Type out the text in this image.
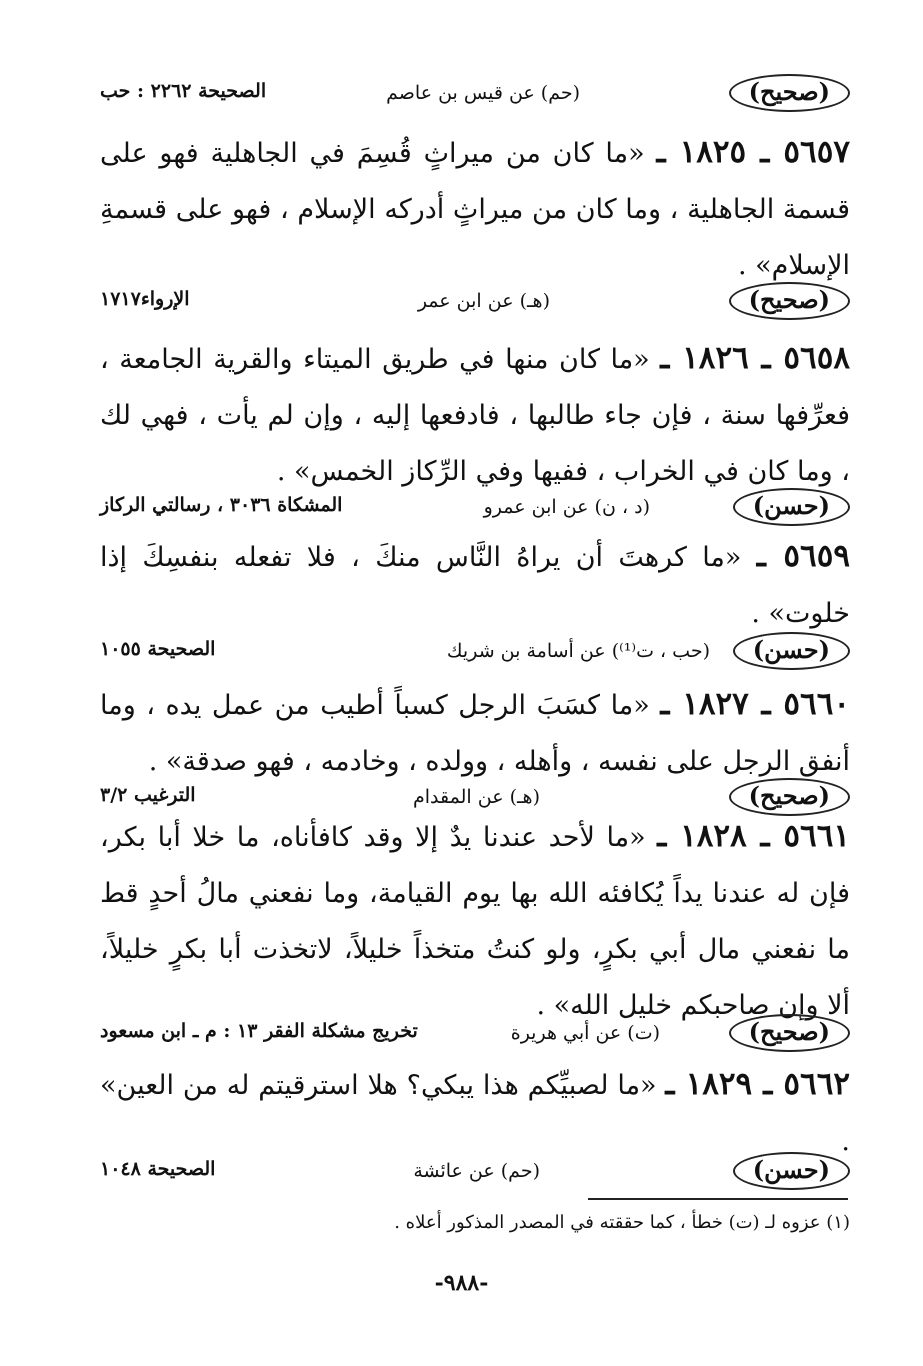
(صحيح)
(حم) عن قيس بن عاصم
الصحيحة ٢٢٦٢ : حب
٥٦٥٧ ـ ١٨٢٥ ـ «ما كان من ميراثٍ قُسِمَ في الجاهلية فهو على قسمة الجاهلية ، وما كان من ميراثٍ أدركه الإسلام ، فهو على قسمةِ الإسلام» .
(صحيح)
(هـ) عن ابن عمر
الإرواء١٧١٧
٥٦٥٨ ـ ١٨٢٦ ـ «ما كان منها في طريق الميتاء والقرية الجامعة ، فعرِّفها سنة ، فإن جاء طالبها ، فادفعها إليه ، وإن لم يأت ، فهي لك ، وما كان في الخراب ، ففيها وفي الرِّكاز الخمس» .
(حسن)
(د ، ن) عن ابن عمرو
المشكاة ٣٠٣٦ ، رسالتي الركاز
٥٦٥٩ ـ «ما كرهتَ أن يراهُ النَّاس منكَ ، فلا تفعله بنفسِكَ إذا خلوت» .
(حسن)
(حب ، ت⁽¹⁾) عن أسامة بن شريك
الصحيحة ١٠٥٥
٥٦٦٠ ـ ١٨٢٧ ـ «ما كسَبَ الرجل كسباً أطيب من عمل يده ، وما أنفق الرجل على نفسه ، وأهله ، وولده ، وخادمه ، فهو صدقة» .
(صحيح)
(هـ) عن المقدام
الترغيب ٣/٢
٥٦٦١ ـ ١٨٢٨ ـ «ما لأحد عندنا يدٌ إلا وقد كافأناه، ما خلا أبا بكر، فإن له عندنا يداً يُكافئه الله بها يوم القيامة، وما نفعني مالُ أحدٍ قط ما نفعني مال أبي بكرٍ، ولو كنتُ متخذاً خليلاً، لاتخذت أبا بكرٍ خليلاً، ألا وإن صاحبكم خليل الله» .
(صحيح)
(ت) عن أبي هريرة
تخريج مشكلة الفقر ١٣ : م ـ ابن مسعود
٥٦٦٢ ـ ١٨٢٩ ـ «ما لصبيِّكم هذا يبكي؟ هلا استرقيتم له من العين» .
(حسن)
(حم) عن عائشة
الصحيحة ١٠٤٨
(١) عزوه لـ (ت) خطأ ، كما حققته في المصدر المذكور أعلاه .
-٩٨٨-
